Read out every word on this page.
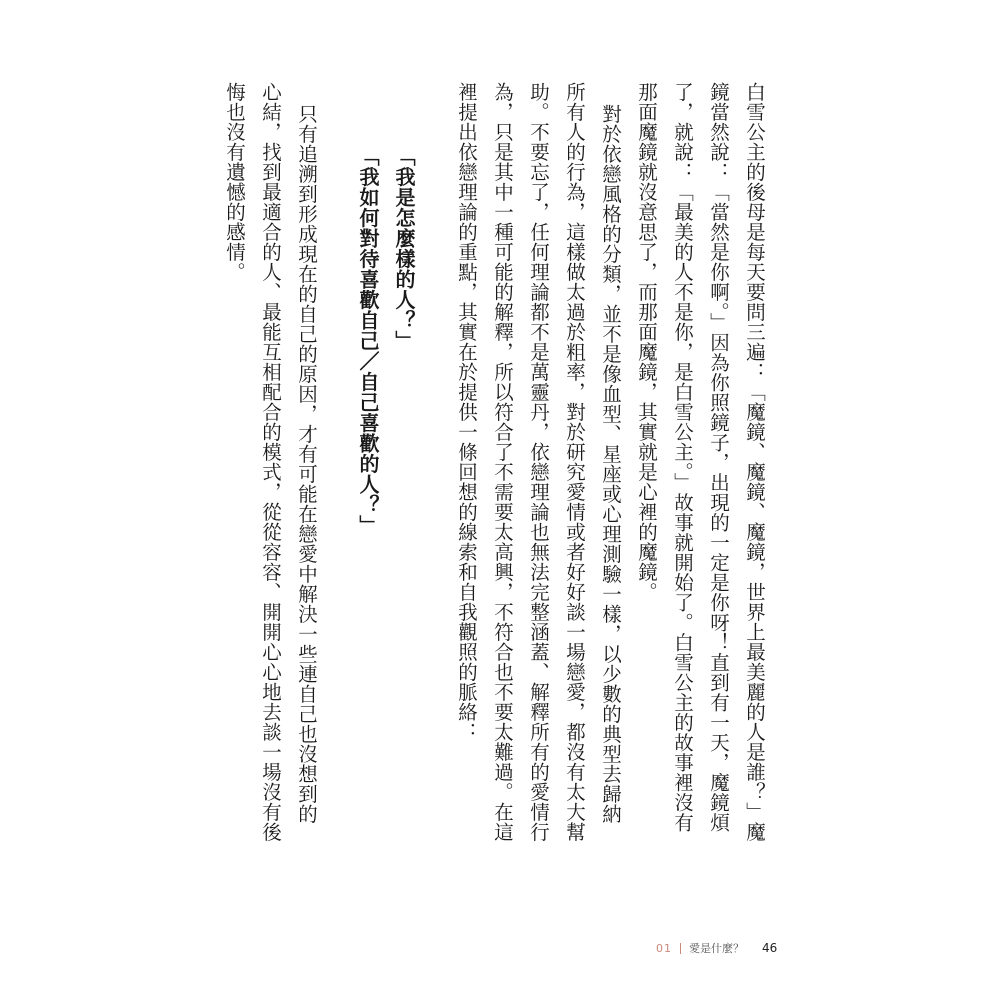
白雪公主的後母是每天要問三遍：「魔鏡、魔鏡、魔鏡，世界上最美麗的人是誰？」魔

鏡當然說：「當然是你啊。」因為你照鏡子，出現的一定是你呀！直到有一天，魔鏡煩

了，就說：「最美的人不是你，是白雪公主。」故事就開始了。白雪公主的故事裡沒有

那面魔鏡就沒意思了，而那面魔鏡，其實就是心裡的魔鏡。

對於依戀風格的分類，並不是像血型、星座或心理測驗一樣，以少數的典型去歸納

所有人的行為，這樣做太過於粗率，對於研究愛情或者好好談一場戀愛，都沒有太大幫

助。不要忘了，任何理論都不是萬靈丹，依戀理論也無法完整涵蓋、解釋所有的愛情行

為，只是其中一種可能的解釋，所以符合了不需要太高興，不符合也不要太難過。在這

裡提出依戀理論的重點，其實在於提供一條回想的線索和自我觀照的脈絡：

「我是怎麼樣的人？」

「我如何對待喜歡自己／自己喜歡的人？」

只有追溯到形成現在的自己的原因，才有可能在戀愛中解決一些連自己也沒想到的

心結，找到最適合的人、最能互相配合的模式，從從容容、開開心心地去談一場沒有後

悔也沒有遺憾的感情。

01 愛是什麼？ 46
